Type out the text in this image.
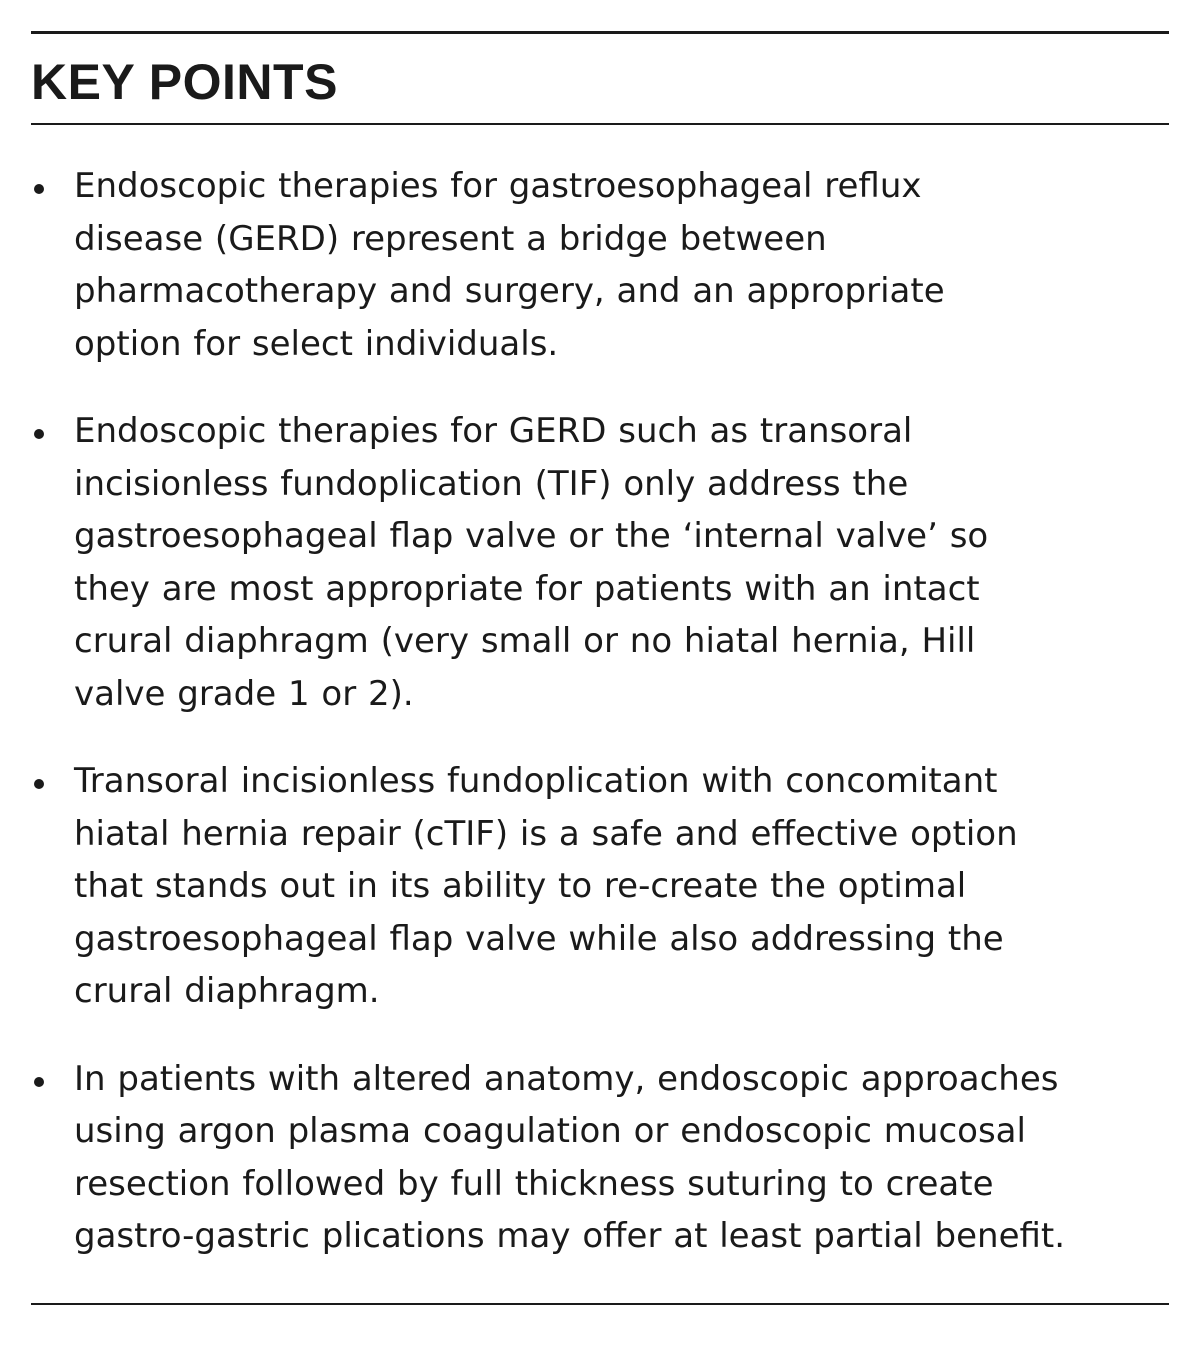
KEY POINTS
Endoscopic therapies for gastroesophageal reflux
disease (GERD) represent a bridge between
pharmacotherapy and surgery, and an appropriate
option for select individuals.
Endoscopic therapies for GERD such as transoral
incisionless fundoplication (TIF) only address the
gastroesophageal flap valve or the ‘internal valve’ so
they are most appropriate for patients with an intact
crural diaphragm (very small or no hiatal hernia, Hill
valve grade 1 or 2).
Transoral incisionless fundoplication with concomitant
hiatal hernia repair (cTIF) is a safe and effective option
that stands out in its ability to re-create the optimal
gastroesophageal flap valve while also addressing the
crural diaphragm.
In patients with altered anatomy, endoscopic approaches
using argon plasma coagulation or endoscopic mucosal
resection followed by full thickness suturing to create
gastro-gastric plications may offer at least partial benefit.
